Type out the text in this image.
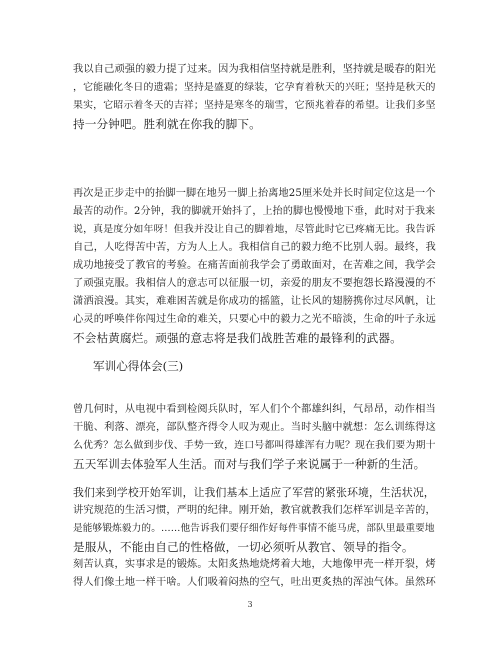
我以自己顽强的毅力提了过来。因为我相信坚持就是胜利，坚持就是暖春的阳光
，它能融化冬日的遗霜；坚持是盛夏的绿装，它孕育着秋天的兴旺；坚持是秋天的
果实，它昭示着冬天的吉祥；坚持是寒冬的瑞雪，它预兆着春的希望。让我们多坚
持一分钟吧。胜利就在你我的脚下。
再次是正步走中的抬脚一脚在地另一脚上抬离地25厘米处并长时间定位这是一个
最苦的动作。2分钟，我的脚就开始抖了，上抬的脚也慢慢地下垂，此时对于我来
说，真是度分如年呀！但我并没让自己的脚着地，尽管此时它已疼痛无比。我告诉
自己，人吃得苦中苦，方为人上人。我相信自己的毅力绝不比别人弱。最终，我
成功地接受了教官的考验。在痛苦面前我学会了勇敢面对，在苦难之间，我学会
了顽强克服。我相信人的意志可以征服一切，亲爱的朋友不要抱怨长路漫漫的不
潇洒浪漫。其实，难难困苦就是你成功的摇篮，让长风的翅膀携你过尽风帆，让
心灵的呼唤伴你闯过生命的难关，只要心中的毅力之光不暗淡，生命的叶子永远
不会枯黄腐烂。顽强的意志将是我们战胜苦难的最锋利的武器。
军训心得体会(三)
曾几何时，从电视中看到检阅兵队时，军人们个个都雄纠纠，气昂昂，动作相当
干脆、利落、漂亮，部队整齐得令人叹为观止。当时头脑中就想：怎么训练得这
么优秀？怎么做到步伐、手势一致，连口号都叫得雄浑有力呢？现在我们要为期十
五天军训去体验军人生活。而对与我们学子来说属于一种新的生活。
我们来到学校开始军训，让我们基本上适应了军营的紧张环境，生活状况，
讲究规范的生活习惯，严明的纪律。刚开始，教官就教我们怎样军训是辛苦的，
是能够锻炼毅力的。……他告诉我们要仔细作好每件事情不能马虎，部队里最重要地
是服从，不能由自己的性格做，一切必须听从教官、领导的指令。
刻苦认真，实事求是的锻炼。太阳炙热地烧烤着大地，大地像甲壳一样开裂，烤
得人们像土地一样干啥。人们吸着闷热的空气，吐出更炙热的浑浊气体。虽然环
3
